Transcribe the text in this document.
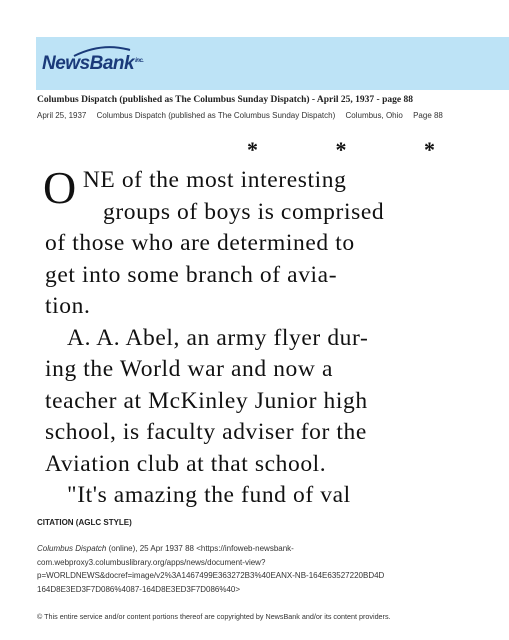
NewsBank$^{inc.}$
Columbus Dispatch (published as The Columbus Sunday Dispatch) - April 25, 1937 - page 88
April 25, 1937 Columbus Dispatch (published as The Columbus Sunday Dispatch) Columbus, Ohio Page 88
* * *

ONE of the most interesting

groups of boys is comprised

of those who are determined to

get into some branch of avia-

tion.

A. A. Abel, an army flyer dur-

ing the World war and now a

teacher at McKinley Junior high

school, is faculty adviser for the

Aviation club at that school.

"It's amazing the fund of val

CITATION (AGLC STYLE)

Columbus Dispatch (online), 25 Apr 1937 88 <https://infoweb-newsbank-

com.webproxy3.columbuslibrary.org/apps/news/document-view?

p=WORLDNEWS&docref=image/v2%3A1467499E363272B3%40EANX-NB-164E63527220BD4D

164D8E3ED3F7D086%4087-164D8E3ED3F7D086%40>

© This entire service and/or content portions thereof are copyrighted by NewsBank and/or its content providers.
